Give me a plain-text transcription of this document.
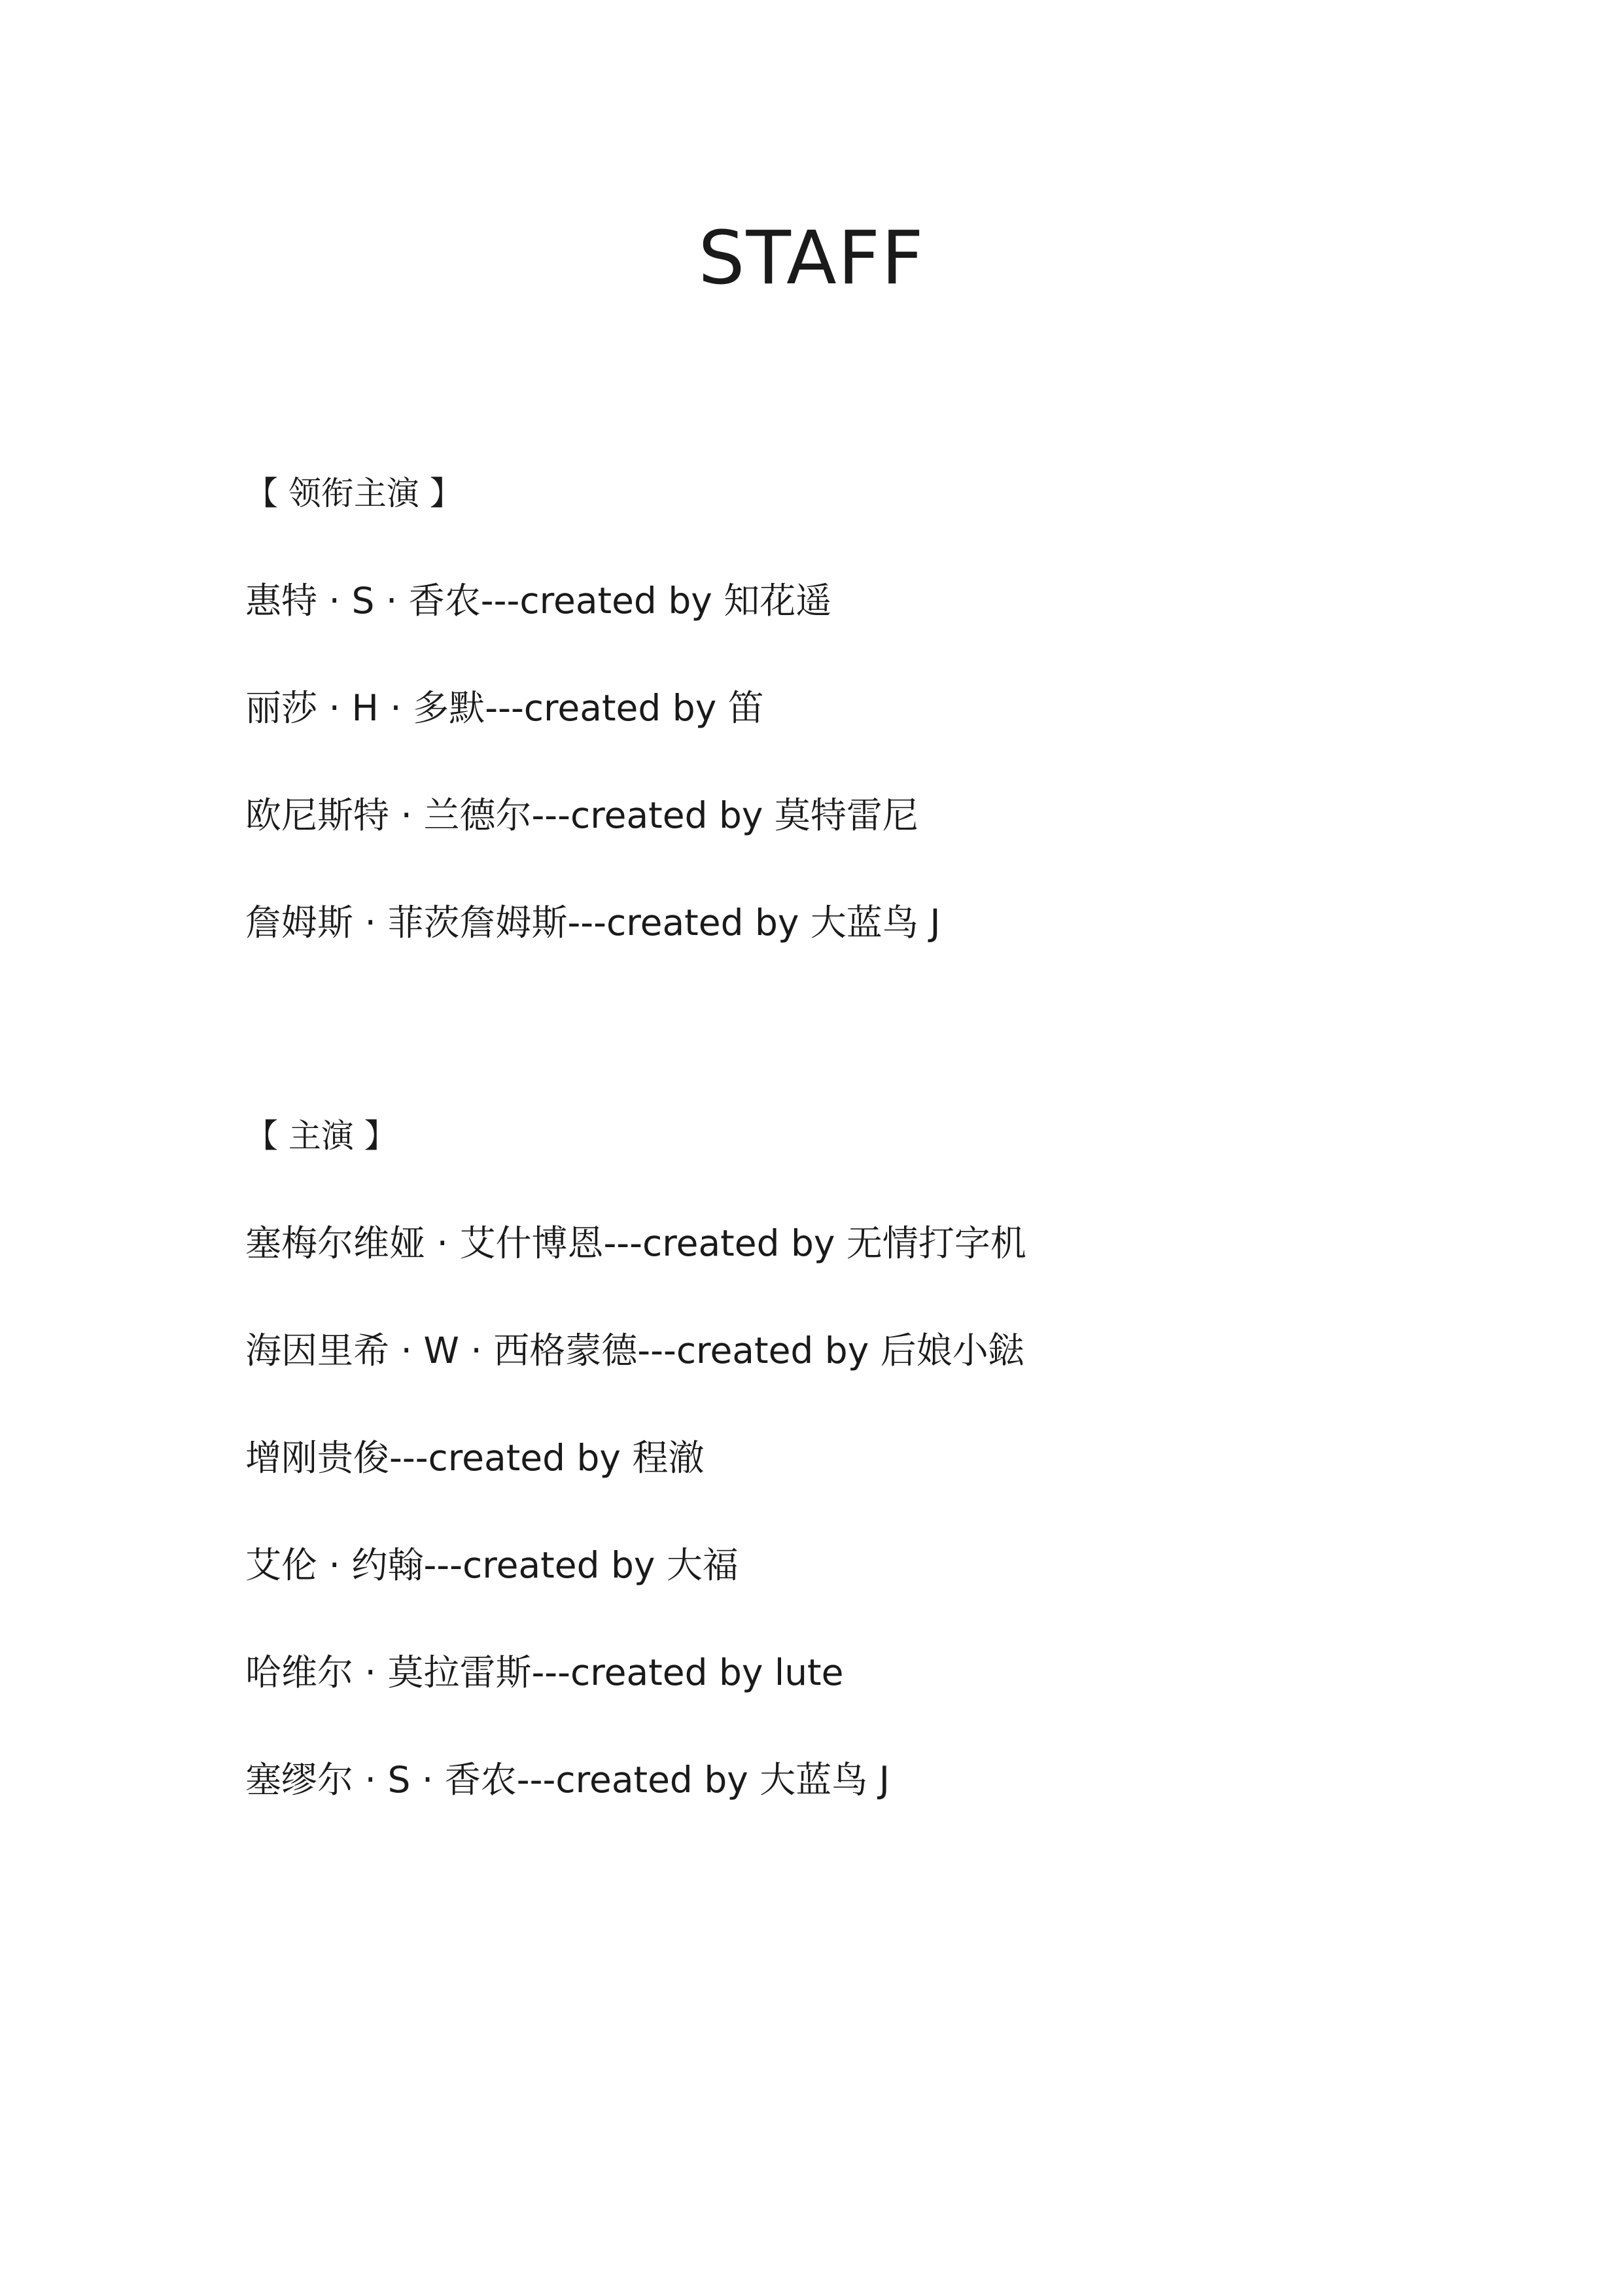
STAFF
【 领衔主演 】
惠特 · S · 香农---created by 知花遥
丽莎 · H · 多默---created by 笛
欧尼斯特 · 兰德尔---created by 莫特雷尼
詹姆斯 · 菲茨詹姆斯---created by 大蓝鸟 J
【 主演 】
塞梅尔维娅 · 艾什博恩---created by 无情打字机
海因里希 · W · 西格蒙德---created by 后娘小鍅
增刚贵俊---created by 程澈
艾伦 · 约翰---created by 大福
哈维尔 · 莫拉雷斯---created by lute
塞缪尔 · S · 香农---created by 大蓝鸟 J
